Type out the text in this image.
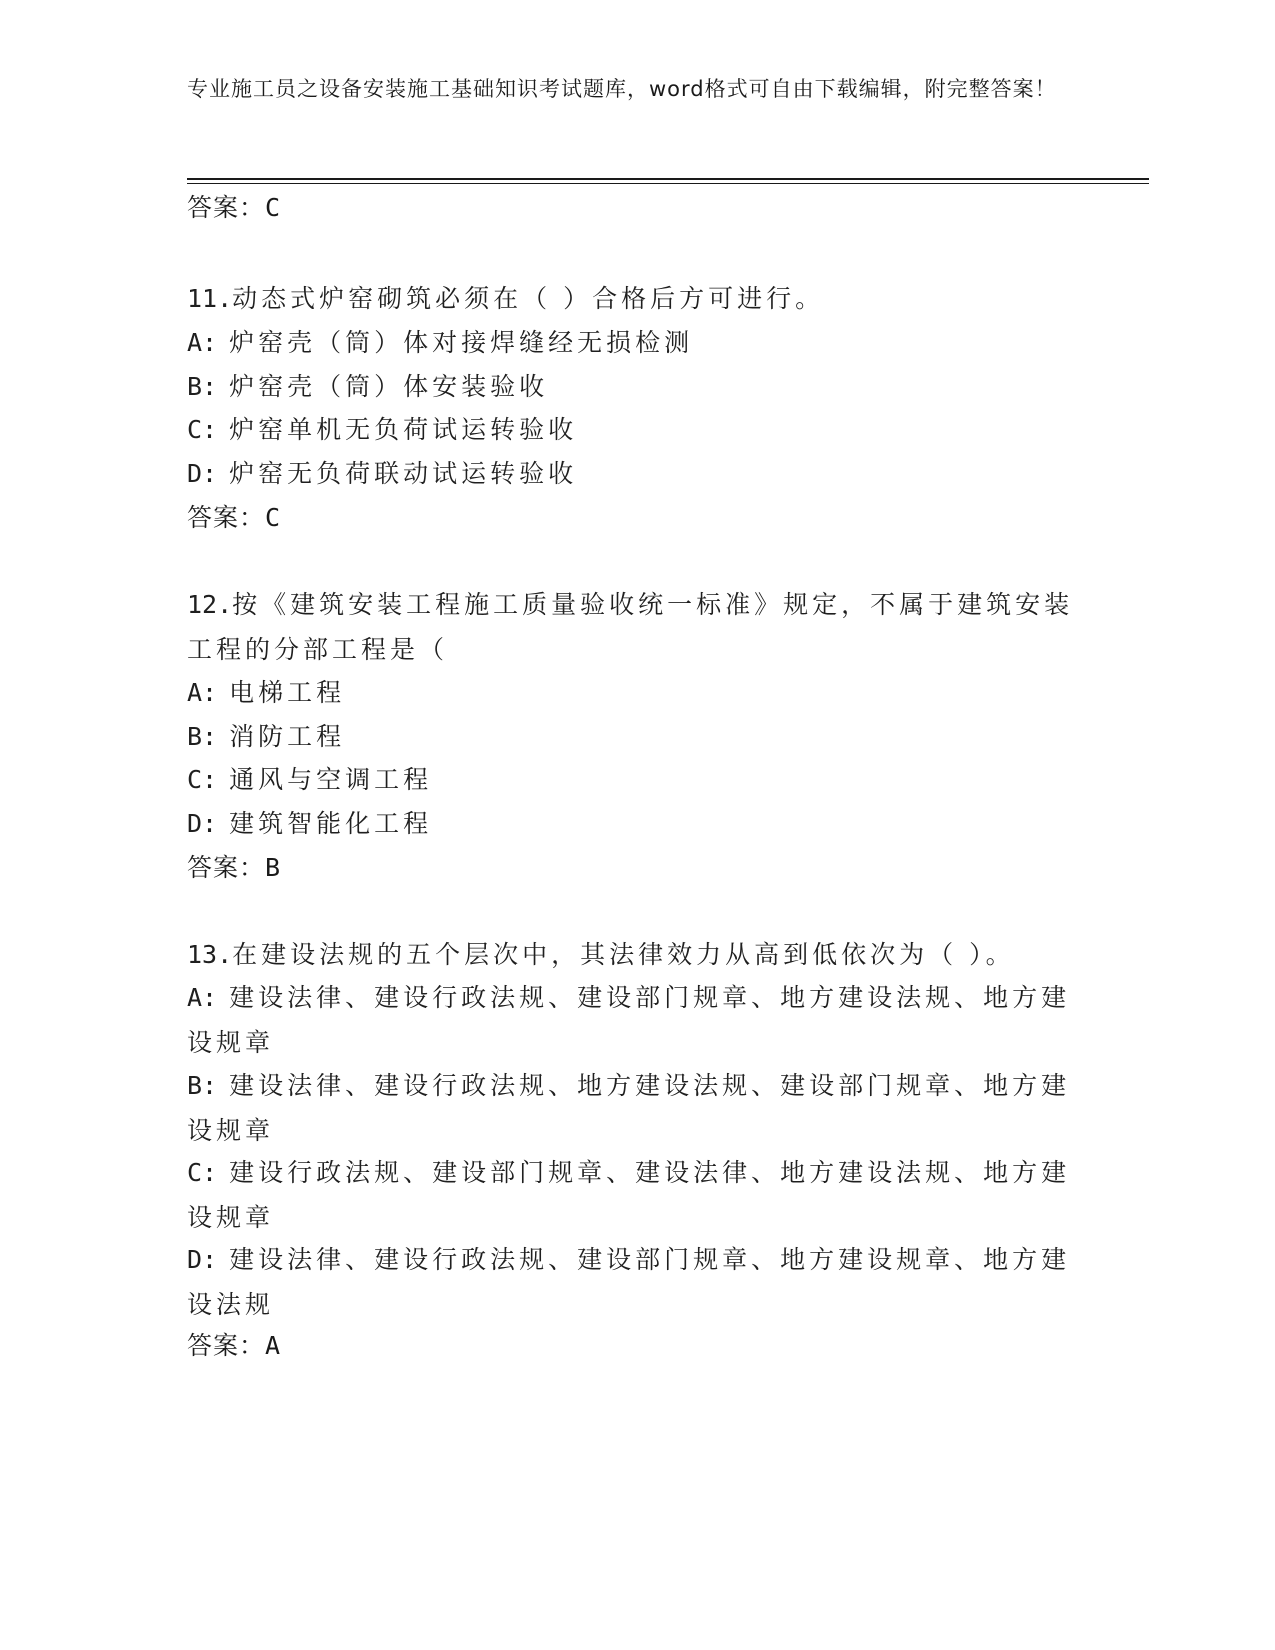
专业施工员之设备安装施工基础知识考试题库，word格式可自由下载编辑，附完整答案！
答案：C
11.动态式炉窑砌筑必须在（ ）合格后方可进行。
A: 炉窑壳（筒）体对接焊缝经无损检测
B: 炉窑壳（筒）体安装验收
C: 炉窑单机无负荷试运转验收
D: 炉窑无负荷联动试运转验收
答案：C
12.按《建筑安装工程施工质量验收统一标准》规定，不属于建筑安装工程的分部工程是（
A: 电梯工程
B: 消防工程
C: 通风与空调工程
D: 建筑智能化工程
答案：B
13.在建设法规的五个层次中，其法律效力从高到低依次为（ ）。
A: 建设法律、建设行政法规、建设部门规章、地方建设法规、地方建设规章
B: 建设法律、建设行政法规、地方建设法规、建设部门规章、地方建设规章
C: 建设行政法规、建设部门规章、建设法律、地方建设法规、地方建设规章
D: 建设法律、建设行政法规、建设部门规章、地方建设规章、地方建设法规
答案：A
